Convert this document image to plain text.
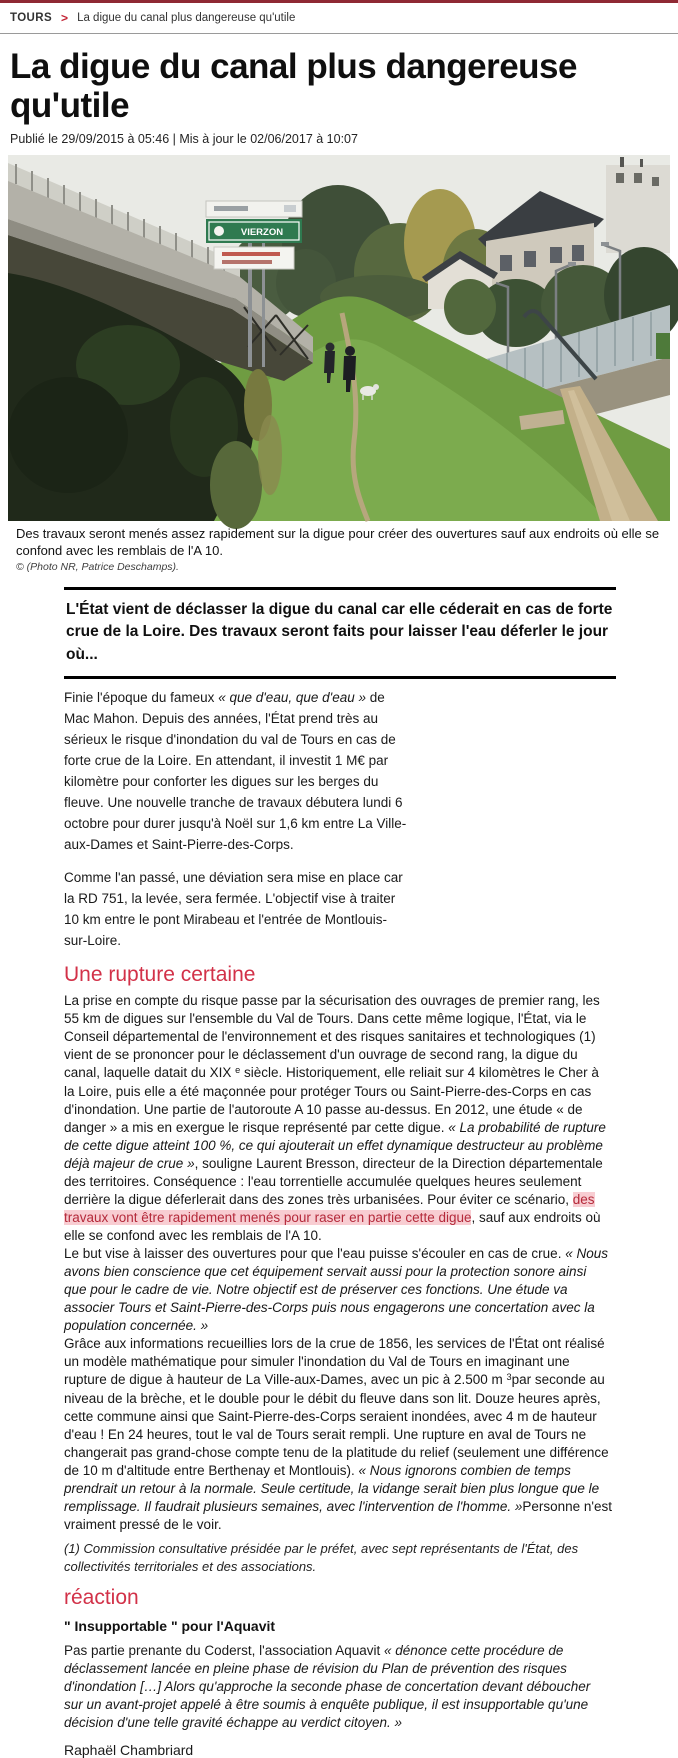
TOURS > La digue du canal plus dangereuse qu'utile
La digue du canal plus dangereuse qu'utile
Publié le 29/09/2015 à 05:46 | Mis à jour le 02/06/2017 à 10:07
VIERZON
Des travaux seront menés assez rapidement sur la digue pour créer des ouvertures sauf aux endroits où elle se confond avec les remblais de l'A 10.
© (Photo NR, Patrice Deschamps).
L'État vient de déclasser la digue du canal car elle céderait en cas de forte crue de la Loire. Des travaux seront faits pour laisser l'eau déferler le jour où...

Finie l'époque du fameux « que d'eau, que d'eau » de Mac Mahon. Depuis des années, l'État prend très au sérieux le risque d'inondation du val de Tours en cas de forte crue de la Loire. En attendant, il investit 1 M€ par kilomètre pour conforter les digues sur les berges du fleuve. Une nouvelle tranche de travaux débutera lundi 6 octobre pour durer jusqu'à Noël sur 1,6 km entre La Ville-aux-Dames et Saint-Pierre-des-Corps.

Comme l'an passé, une déviation sera mise en place car la RD 751, la levée, sera fermée. L'objectif vise à traiter 10 km entre le pont Mirabeau et l'entrée de Montlouis-sur-Loire.

Une rupture certaine

La prise en compte du risque passe par la sécurisation des ouvrages de premier rang, les 55 km de digues sur l'ensemble du Val de Tours. Dans cette même logique, l'État, via le Conseil départemental de l'environnement et des risques sanitaires et technologiques (1) vient de se prononcer pour le déclassement d'un ouvrage de second rang, la digue du canal, laquelle datait du XIX $^e$ siècle. Historiquement, elle reliait sur 4 kilomètres le Cher à la Loire, puis elle a été maçonnée pour protéger Tours ou Saint-Pierre-des-Corps en cas d'inondation. Une partie de l'autoroute A 10 passe au-dessus. En 2012, une étude « de danger » a mis en exergue le risque représenté par cette digue. « La probabilité de rupture de cette digue atteint 100 %, ce qui ajouterait un effet dynamique destructeur au problème déjà majeur de crue », souligne Laurent Bresson, directeur de la Direction départementale des territoires. Conséquence : l'eau torrentielle accumulée quelques heures seulement derrière la digue déferlerait dans des zones très urbanisées. Pour éviter ce scénario, des travaux vont être rapidement menés pour raser en partie cette digue, sauf aux endroits où elle se confond avec les remblais de l'A 10.

Le but vise à laisser des ouvertures pour que l'eau puisse s'écouler en cas de crue. « Nous avons bien conscience que cet équipement servait aussi pour la protection sonore ainsi que pour le cadre de vie. Notre objectif est de préserver ces fonctions. Une étude va associer Tours et Saint-Pierre-des-Corps puis nous engagerons une concertation avec la population concernée. »

Grâce aux informations recueillies lors de la crue de 1856, les services de l'État ont réalisé un modèle mathématique pour simuler l'inondation du Val de Tours en imaginant une rupture de digue à hauteur de La Ville-aux-Dames, avec un pic à 2.500 m $^3$par seconde au niveau de la brèche, et le double pour le débit du fleuve dans son lit. Douze heures après, cette commune ainsi que Saint-Pierre-des-Corps seraient inondées, avec 4 m de hauteur d'eau ! En 24 heures, tout le val de Tours serait rempli. Une rupture en aval de Tours ne changerait pas grand-chose compte tenu de la platitude du relief (seulement une différence de 10 m d'altitude entre Berthenay et Montlouis). « Nous ignorons combien de temps prendrait un retour à la normale. Seule certitude, la vidange serait bien plus longue que le remplissage. Il faudrait plusieurs semaines, avec l'intervention de l'homme. »Personne n'est vraiment pressé de le voir.

(1) Commission consultative présidée par le préfet, avec sept représentants de l'État, des collectivités territoriales et des associations.

réaction

" Insupportable " pour l'Aquavit

Pas partie prenante du Coderst, l'association Aquavit « dénonce cette procédure de déclassement lancée en pleine phase de révision du Plan de prévention des risques d'inondation […] Alors qu'approche la seconde phase de concertation devant déboucher sur un avant-projet appelé à être soumis à enquête publique, il est insupportable qu'une décision d'une telle gravité échappe au verdict citoyen. »

Raphaël Chambriard
